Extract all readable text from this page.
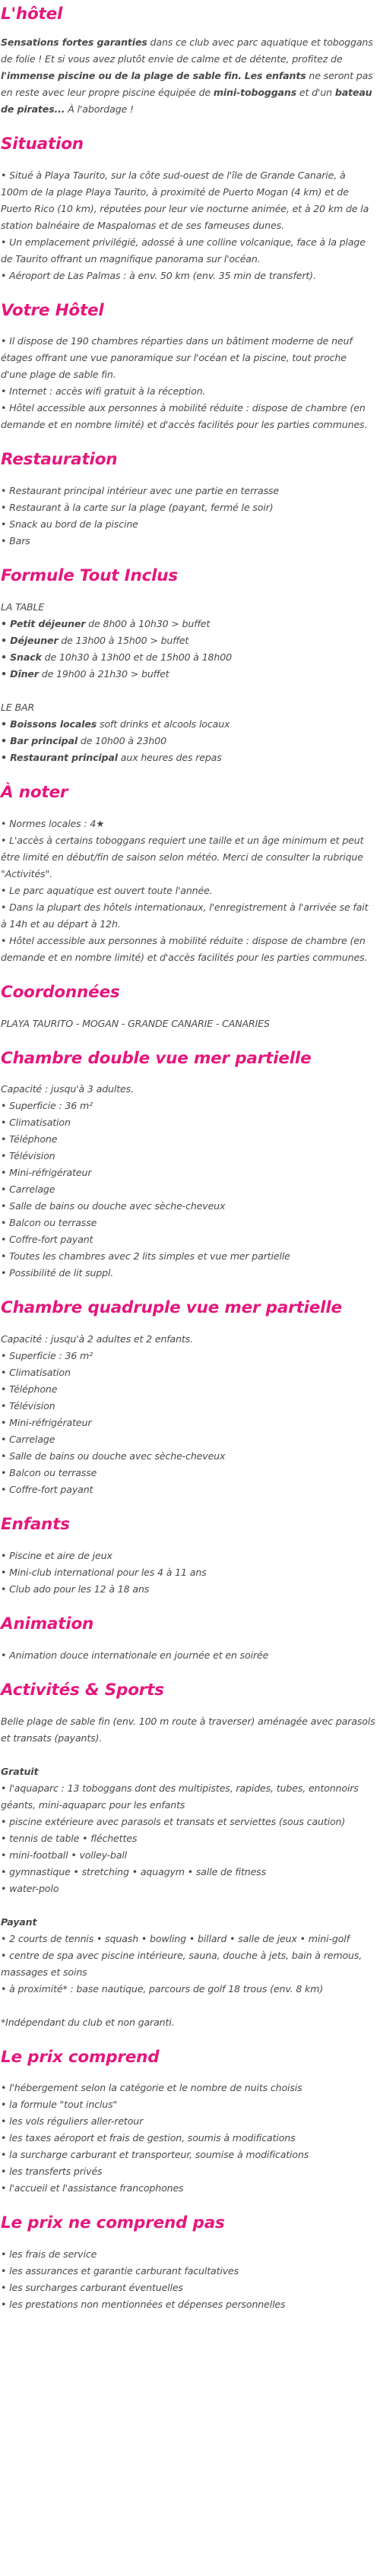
L'hôtel

Sensations fortes garanties dans ce club avec parc aquatique et toboggans de folie ! Et si vous avez plutôt envie de calme et de détente, profitez de l'immense piscine ou de la plage de sable fin. Les enfants ne seront pas en reste avec leur propre piscine équipée de mini-toboggans et d'un bateau de pirates... À l'abordage !

Situation

• Situé à Playa Taurito, sur la côte sud-ouest de l'île de Grande Canarie, à 100m de la plage Playa Taurito, à proximité de Puerto Mogan (4 km) et de Puerto Rico (10 km), réputées pour leur vie nocturne animée, et à 20 km de la station balnéaire de Maspalomas et de ses fameuses dunes.

• Un emplacement privilégié, adossé à une colline volcanique, face à la plage de Taurito offrant un magnifique panorama sur l'océan.

• Aéroport de Las Palmas : à env. 50 km (env. 35 min de transfert).

Votre Hôtel

• Il dispose de 190 chambres réparties dans un bâtiment moderne de neuf étages offrant une vue panoramique sur l'océan et la piscine, tout proche d'une plage de sable fin.

• Internet : accès wifi gratuit à la réception.

• Hôtel accessible aux personnes à mobilité réduite : dispose de chambre (en demande et en nombre limité) et d'accès facilités pour les parties communes.

Restauration

• Restaurant principal intérieur avec une partie en terrasse

• Restaurant à la carte sur la plage (payant, fermé le soir)

• Snack au bord de la piscine

• Bars

Formule Tout Inclus

LA TABLE

• Petit déjeuner de 8h00 à 10h30 > buffet

• Déjeuner de 13h00 à 15h00 > buffet

• Snack de 10h30 à 13h00 et de 15h00 à 18h00

• Dîner de 19h00 à 21h30 > buffet

LE BAR

• Boissons locales soft drinks et alcools locaux

• Bar principal de 10h00 à 23h00

• Restaurant principal aux heures des repas

À noter

• Normes locales : 4★

• L'accès à certains toboggans requiert une taille et un âge minimum et peut être limité en début/fin de saison selon météo. Merci de consulter la rubrique "Activités".

• Le parc aquatique est ouvert toute l'année.

• Dans la plupart des hôtels internationaux, l'enregistrement à l'arrivée se fait à 14h et au départ à 12h.

• Hôtel accessible aux personnes à mobilité réduite : dispose de chambre (en demande et en nombre limité) et d'accès facilités pour les parties communes.

Coordonnées

PLAYA TAURITO - MOGAN - GRANDE CANARIE - CANARIES

Chambre double vue mer partielle

Capacité : jusqu'à 3 adultes.

• Superficie : 36 m²

• Climatisation

• Téléphone

• Télévision

• Mini-réfrigérateur

• Carrelage

• Salle de bains ou douche avec sèche-cheveux

• Balcon ou terrasse

• Coffre-fort payant

• Toutes les chambres avec 2 lits simples et vue mer partielle

• Possibilité de lit suppl.

Chambre quadruple vue mer partielle

Capacité : jusqu'à 2 adultes et 2 enfants.

• Superficie : 36 m²

• Climatisation

• Téléphone

• Télévision

• Mini-réfrigérateur

• Carrelage

• Salle de bains ou douche avec sèche-cheveux

• Balcon ou terrasse

• Coffre-fort payant

Enfants

• Piscine et aire de jeux

• Mini-club international pour les 4 à 11 ans

• Club ado pour les 12 à 18 ans

Animation

• Animation douce internationale en journée et en soirée

Activités & Sports

Belle plage de sable fin (env. 100 m route à traverser) aménagée avec parasols et transats (payants).

Gratuit

• l'aquaparc : 13 toboggans dont des multipistes, rapides, tubes, entonnoirs géants, mini-aquaparc pour les enfants

• piscine extérieure avec parasols et transats et serviettes (sous caution)

• tennis de table • fléchettes

• mini-football • volley-ball

• gymnastique • stretching • aquagym • salle de fitness

• water-polo

Payant

• 2 courts de tennis • squash • bowling • billard • salle de jeux • mini-golf

• centre de spa avec piscine intérieure, sauna, douche à jets, bain à remous, massages et soins

• à proximité* : base nautique, parcours de golf 18 trous (env. 8 km)

*Indépendant du club et non garanti.

Le prix comprend

• l'hébergement selon la catégorie et le nombre de nuits choisis

• la formule "tout inclus"

• les vols réguliers aller-retour

• les taxes aéroport et frais de gestion, soumis à modifications

• la surcharge carburant et transporteur, soumise à modifications

• les transferts privés

• l'accueil et l'assistance francophones

Le prix ne comprend pas

• les frais de service

• les assurances et garantie carburant facultatives

• les surcharges carburant éventuelles

• les prestations non mentionnées et dépenses personnelles
